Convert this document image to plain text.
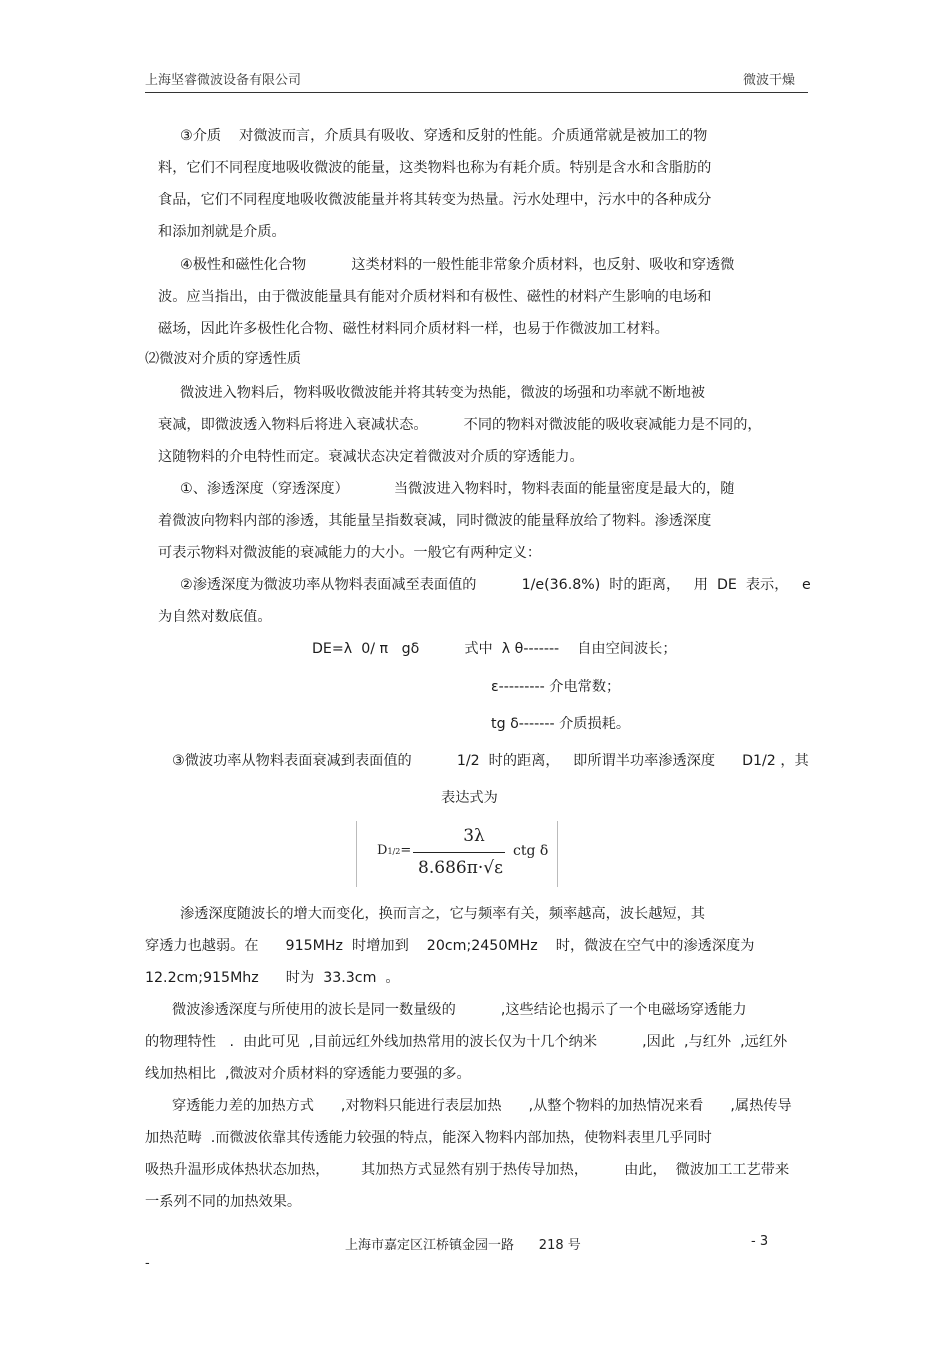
上海坚睿微波设备有限公司	微波干燥
③介质    对微波而言，介质具有吸收、穿透和反射的性能。介质通常就是被加工的物
料，它们不同程度地吸收微波的能量，这类物料也称为有耗介质。特别是含水和含脂肪的
食品，它们不同程度地吸收微波能量并将其转变为热量。污水处理中，污水中的各种成分
和添加剂就是介质。
④极性和磁性化合物          这类材料的一般性能非常象介质材料，也反射、吸收和穿透微
波。应当指出，由于微波能量具有能对介质材料和有极性、磁性的材料产生影响的电场和
磁场，因此许多极性化合物、磁性材料同介质材料一样，也易于作微波加工材料。
⑵微波对介质的穿透性质
微波进入物料后，物料吸收微波能并将其转变为热能，微波的场强和功率就不断地被
衰减，即微波透入物料后将进入衰减状态。        不同的物料对微波能的吸收衰减能力是不同的，
这随物料的介电特性而定。衰减状态决定着微波对介质的穿透能力。
①、渗透深度（穿透深度）          当微波进入物料时，物料表面的能量密度是最大的，随
着微波向物料内部的渗透，其能量呈指数衰减，同时微波的能量释放给了物料。渗透深度
可表示物料对微波能的衰减能力的大小。一般它有两种定义：
②渗透深度为微波功率从物料表面减至表面值的          1/e(36.8%)  时的距离，   用  DE  表示，   e
为自然对数底值。
DE=λ  0/ π   gδ          式中  λ θ-------    自由空间波长；
ε--------- 介电常数；
tg δ------- 介质损耗。
③微波功率从物料表面衰减到表面值的          1/2  时的距离，   即所谓半功率渗透深度      D1/2 ，其
表达式为
D1/2=
3λ
8.686π·√ε
ctg δ
渗透深度随波长的增大而变化，换而言之，它与频率有关，频率越高，波长越短，其
穿透力也越弱。在      915MHz  时增加到    20cm;2450MHz    时，微波在空气中的渗透深度为
12.2cm;915Mhz      时为  33.3cm  。
微波渗透深度与所使用的波长是同一数量级的          ,这些结论也揭示了一个电磁场穿透能力
的物理特性   .  由此可见  ,目前远红外线加热常用的波长仅为十几个纳米          ,因此  ,与红外  ,远红外
线加热相比  ,微波对介质材料的穿透能力要强的多。
穿透能力差的加热方式      ,对物料只能进行表层加热      ,从整个物料的加热情况来看      ,属热传导
加热范畴  .而微波依靠其传透能力较强的特点，能深入物料内部加热，使物料表里几乎同时
吸热升温形成体热状态加热，       其加热方式显然有别于热传导加热，        由此，  微波加工工艺带来
一系列不同的加热效果。
上海市嘉定区江桥镇金园一路      218 号	- 3
-
